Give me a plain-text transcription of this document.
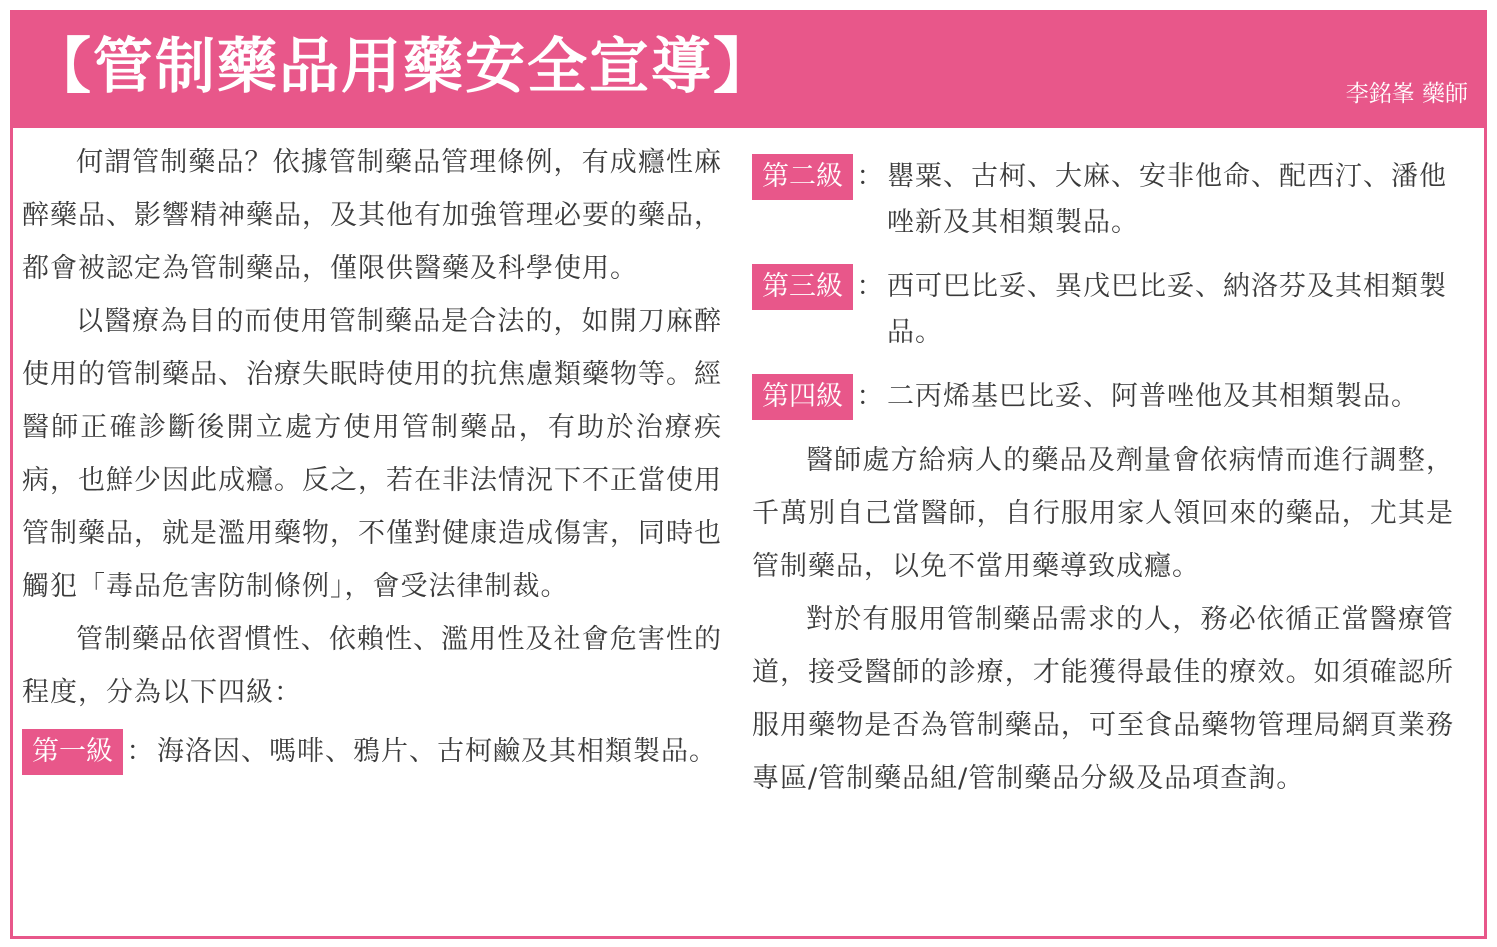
【管制藥品用藥安全宣導】	李銘峯 藥師

何謂管制藥品？依據管制藥品管理條例，有成癮性麻醉藥品、影響精神藥品，及其他有加強管理必要的藥品，都會被認定為管制藥品，僅限供醫藥及科學使用。

以醫療為目的而使用管制藥品是合法的，如開刀麻醉使用的管制藥品、治療失眠時使用的抗焦慮類藥物等。經醫師正確診斷後開立處方使用管制藥品，有助於治療疾病，也鮮少因此成癮。反之，若在非法情況下不正當使用管制藥品，就是濫用藥物，不僅對健康造成傷害，同時也觸犯「毒品危害防制條例」，會受法律制裁。

管制藥品依習慣性、依賴性、濫用性及社會危害性的程度，分為以下四級：

第一級 ： 海洛因、嗎啡、鴉片、古柯鹼及其相類製品。
第二級 ： 罌粟、古柯、大麻、安非他命、配西汀、潘他唑新及其相類製品。
第三級 ： 西可巴比妥、異戊巴比妥、納洛芬及其相類製品。
第四級 ： 二丙烯基巴比妥、阿普唑他及其相類製品。

醫師處方給病人的藥品及劑量會依病情而進行調整，千萬別自己當醫師，自行服用家人領回來的藥品，尤其是管制藥品，以免不當用藥導致成癮。

對於有服用管制藥品需求的人，務必依循正當醫療管道，接受醫師的診療，才能獲得最佳的療效。如須確認所服用藥物是否為管制藥品，可至食品藥物管理局網頁業務專區/管制藥品組/管制藥品分級及品項查詢。
